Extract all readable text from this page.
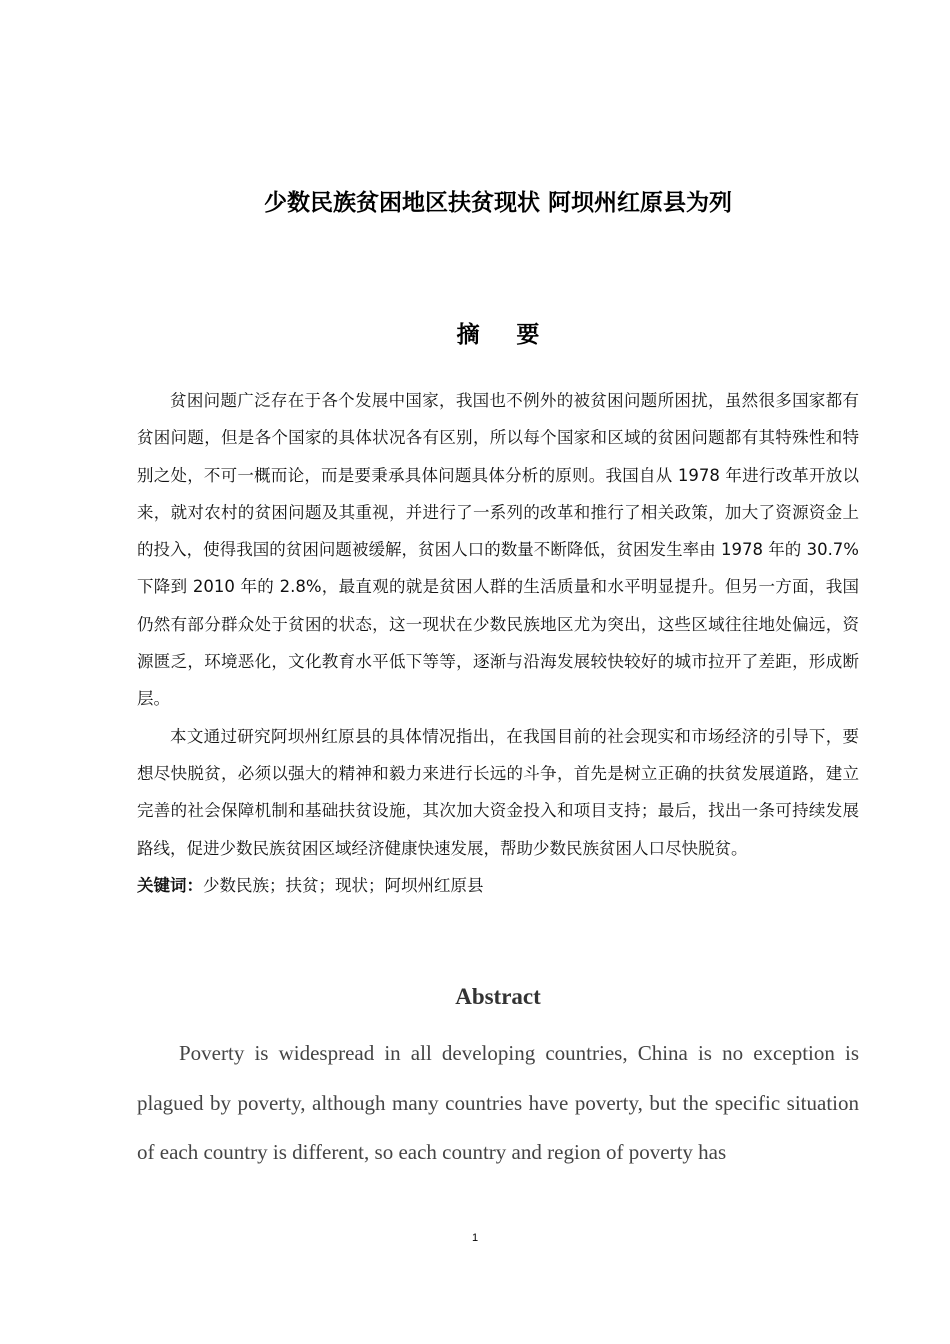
少数民族贫困地区扶贫现状 阿坝州红原县为列
摘要

贫困问题广泛存在于各个发展中国家，我国也不例外的被贫困问题所困扰，虽然很多国家都有贫困问题，但是各个国家的具体状况各有区别，所以每个国家和区域的贫困问题都有其特殊性和特别之处，不可一概而论，而是要秉承具体问题具体分析的原则。我国自从 1978 年进行改革开放以来，就对农村的贫困问题及其重视，并进行了一系列的改革和推行了相关政策，加大了资源资金上的投入，使得我国的贫困问题被缓解，贫困人口的数量不断降低，贫困发生率由 1978 年的 30.7%下降到 2010 年的 2.8%，最直观的就是贫困人群的生活质量和水平明显提升。但另一方面，我国仍然有部分群众处于贫困的状态，这一现状在少数民族地区尤为突出，这些区域往往地处偏远，资源匮乏，环境恶化，文化教育水平低下等等，逐渐与沿海发展较快较好的城市拉开了差距，形成断层。

本文通过研究阿坝州红原县的具体情况指出，在我国目前的社会现实和市场经济的引导下，要想尽快脱贫，必须以强大的精神和毅力来进行长远的斗争，首先是树立正确的扶贫发展道路，建立完善的社会保障机制和基础扶贫设施，其次加大资金投入和项目支持；最后，找出一条可持续发展路线，促进少数民族贫困区域经济健康快速发展，帮助少数民族贫困人口尽快脱贫。

关键词：少数民族；扶贫；现状；阿坝州红原县
Abstract

Poverty is widespread in all developing countries, China is no exception is plagued by poverty, although many countries have poverty, but the specific situation of each country is different, so each country and region of poverty has

1
